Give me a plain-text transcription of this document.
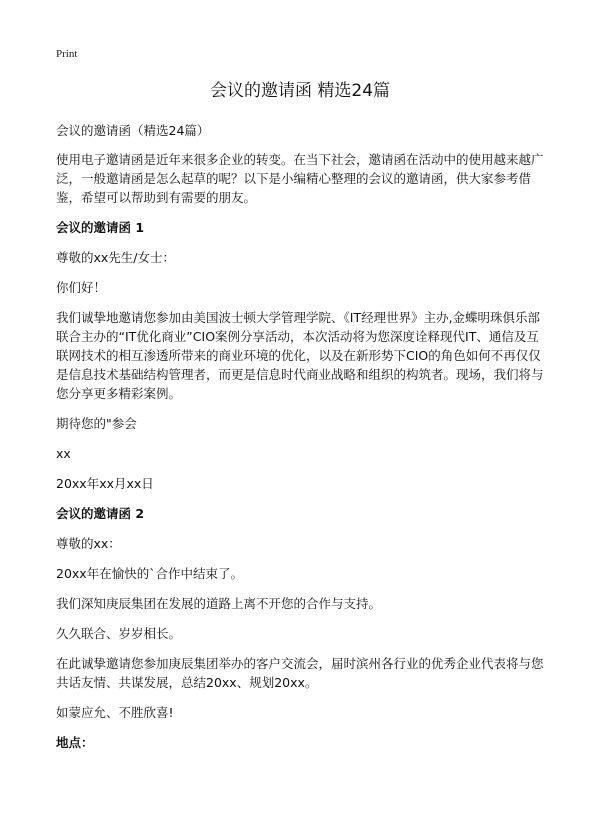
Print
会议的邀请函 精选24篇

会议的邀请函（精选24篇）

使用电子邀请函是近年来很多企业的转变。在当下社会，邀请函在活动中的使用越来越广泛，一般邀请函是怎么起草的呢？以下是小编精心整理的会议的邀请函，供大家参考借鉴，希望可以帮助到有需要的朋友。

会议的邀请函 1

尊敬的xx先生/女士：

你们好！

我们诚挚地邀请您参加由美国波士顿大学管理学院、《IT经理世界》主办,金蝶明珠俱乐部联合主办的“IT优化商业”CIO案例分享活动，本次活动将为您深度诠释现代IT、通信及互联网技术的相互渗透所带来的商业环境的优化，以及在新形势下CIO的角色如何不再仅仅是信息技术基础结构管理者，而更是信息时代商业战略和组织的构筑者。现场，我们将与您分享更多精彩案例。

期待您的"参会

xx

20xx年xx月xx日

会议的邀请函 2

尊敬的xx：

20xx年在愉快的`合作中结束了。

我们深知庚辰集团在发展的道路上离不开您的合作与支持。

久久联合、岁岁相长。

在此诚挚邀请您参加庚辰集团举办的客户交流会，届时滨州各行业的优秀企业代表将与您共话友情、共谋发展，总结20xx、规划20xx。

如蒙应允、不胜欣喜!

地点：
